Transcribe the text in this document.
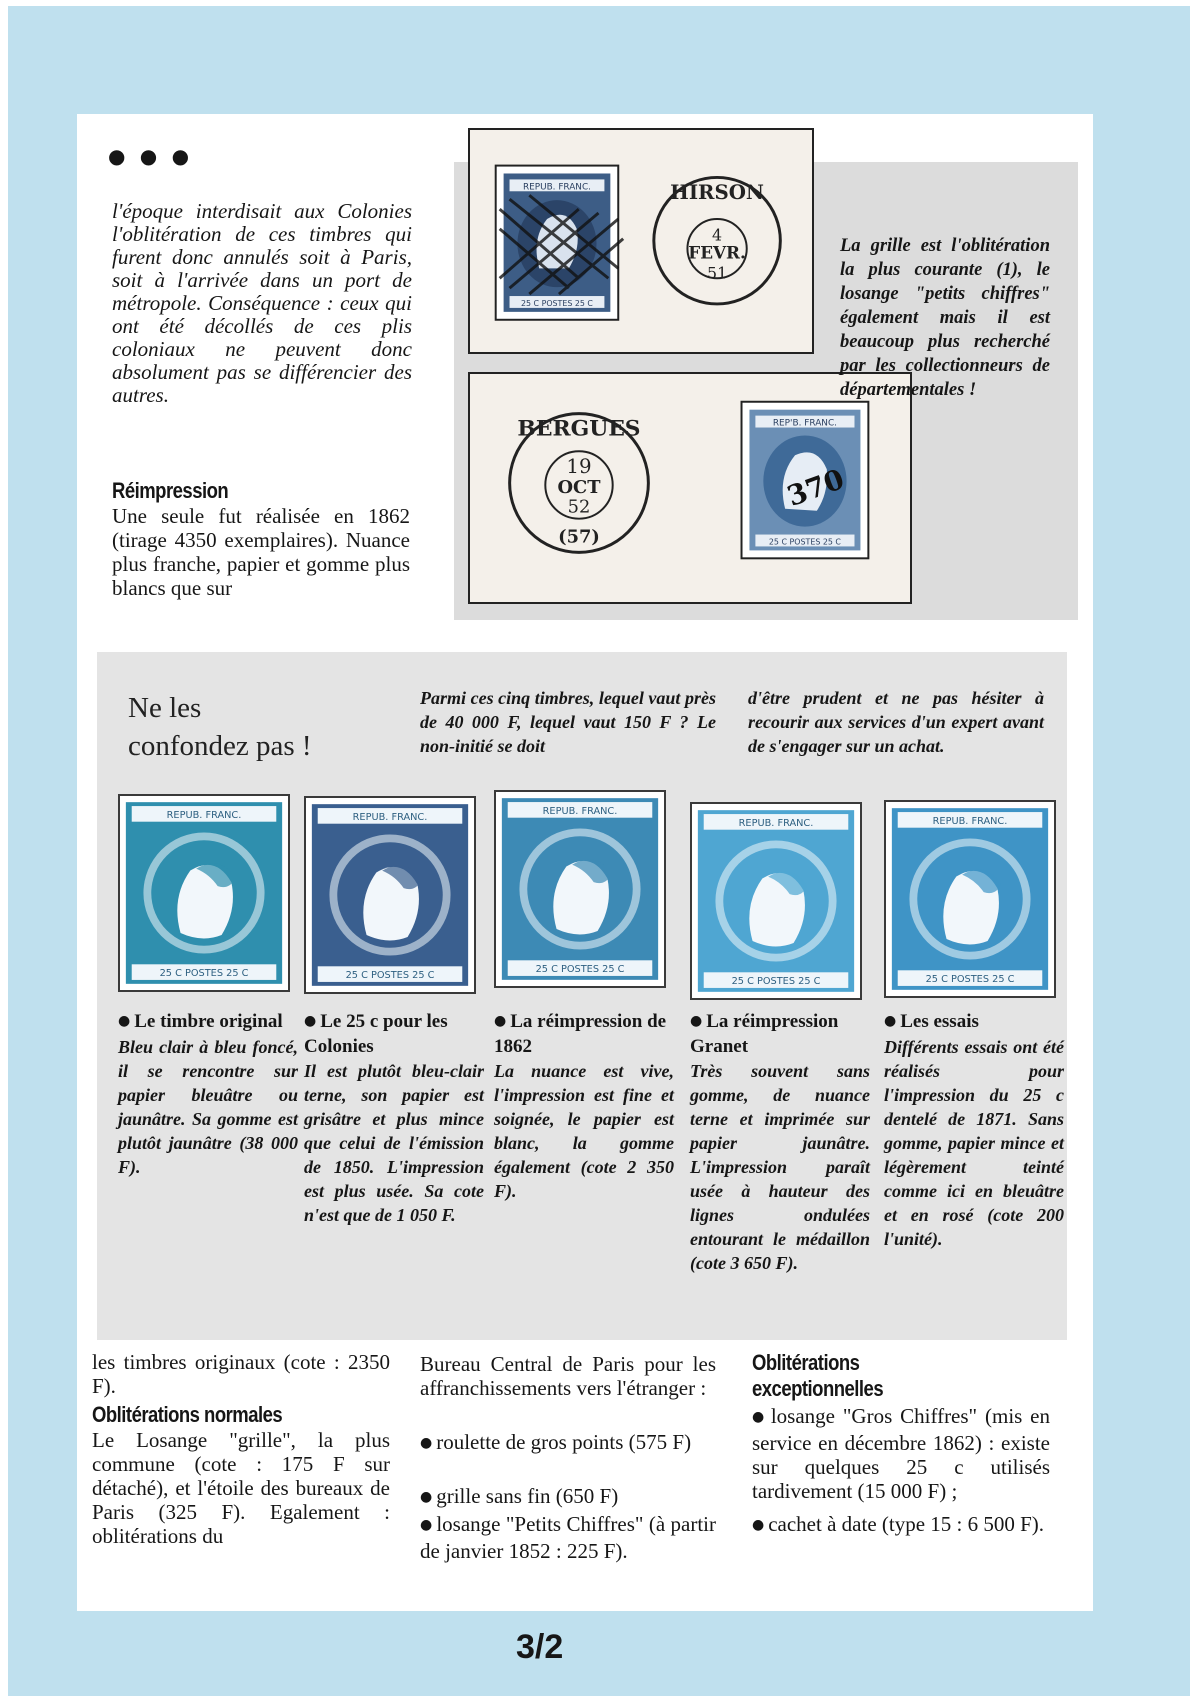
● ● ●
l'époque interdisait aux Colonies l'oblitération de ces timbres qui furent donc annulés soit à Paris, soit à l'arrivée dans un port de métropole. Conséquence : ceux qui ont été décollés de ces plis coloniaux ne peuvent donc absolument pas se différencier des autres.
Réimpression
Une seule fut réalisée en 1862 (tirage 4350 exemplaires). Nuance plus franche, papier et gomme plus blancs que sur
REPUB. FRANC.
25 C POSTES 25 C
HIRSON
4
FEVR.
51
BERGUES
19
OCT
52
(57)
REP'B. FRANC.
370
25 C POSTES 25 C
La grille est l'oblitération la plus courante (1), le losange "petits chiffres" également mais il est beaucoup plus recherché par les collectionneurs de départementales !
Ne les
confondez pas !
Parmi ces cinq timbres, lequel vaut près de 40 000 F, lequel vaut 150 F ? Le non-initié se doit
d'être prudent et ne pas hésiter à recourir aux services d'un expert avant de s'engager sur un achat.
REPUB. FRANC.
25 C POSTES 25 C
● Le timbre original
Bleu clair à bleu foncé, il se rencontre sur papier bleuâtre ou jaunâtre. Sa gomme est plutôt jaunâtre (38 000 F).
REPUB. FRANC.
25 C POSTES 25 C
● Le 25 c pour les Colonies
Il est plutôt bleu-clair terne, son papier est grisâtre et plus mince que celui de l'émission de 1850. L'impression est plus usée. Sa cote n'est que de 1 050 F.
REPUB. FRANC.
25 C POSTES 25 C
● La réimpression de 1862
La nuance est vive, l'impression est fine et soignée, le papier est blanc, la gomme également (cote 2 350 F).
REPUB. FRANC.
25 C POSTES 25 C
● La réimpression Granet
Très souvent sans gomme, de nuance terne et imprimée sur papier jaunâtre. L'impression paraît usée à hauteur des lignes ondulées entourant le médaillon (cote 3 650 F).
REPUB. FRANC.
25 C POSTES 25 C
● Les essais
Différents essais ont été réalisés pour l'impression du 25 c dentelé de 1871. Sans gomme, papier mince et légèrement teinté comme ici en bleuâtre et en rosé (cote 200 l'unité).
les timbres originaux (cote : 2350 F).
Oblitérations normales
Le Losange "grille", la plus commune (cote : 175 F sur détaché), et l'étoile des bureaux de Paris (325 F). Egalement : oblitérations du
Bureau Central de Paris pour les affranchissements vers l'étranger :
● roulette de gros points (575 F)
● grille sans fin (650 F)
● losange "Petits Chiffres" (à partir de janvier 1852 : 225 F).
Oblitérations
exceptionnelles
● losange "Gros Chiffres" (mis en service en décembre 1862) : existe sur quelques 25 c utilisés tardivement (15 000 F) ;
● cachet à date (type 15 : 6 500 F).
3/2
